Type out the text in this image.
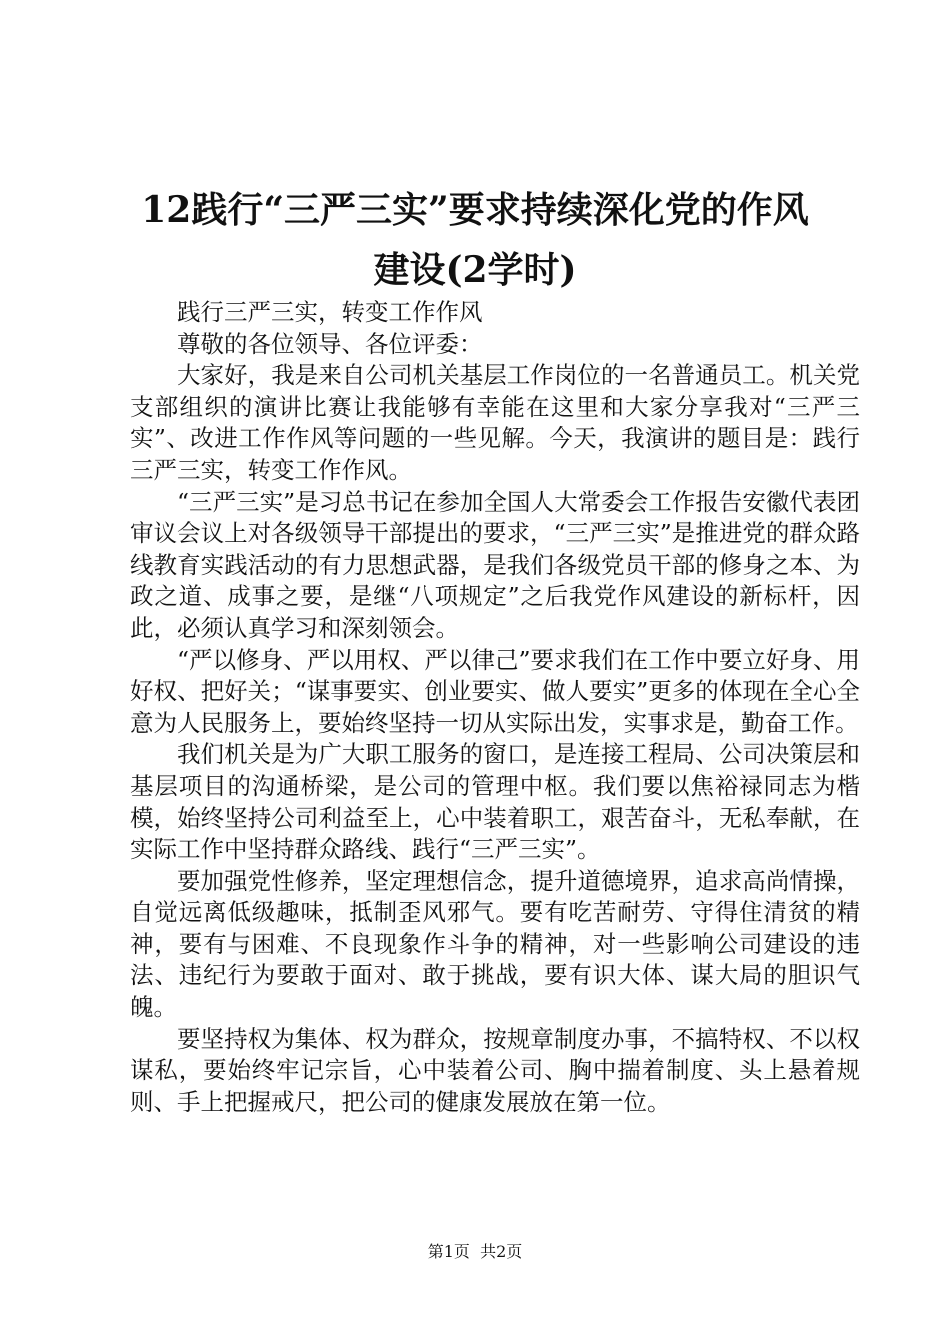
12践行“三严三实”要求持续深化党的作风
建设(2学时)

践行三严三实，转变工作作风

尊敬的各位领导、各位评委：

大家好，我是来自公司机关基层工作岗位的一名普通员工。机关党支部组织的演讲比赛让我能够有幸能在这里和大家分享我对“三严三实”、改进工作作风等问题的一些见解。今天，我演讲的题目是：践行三严三实，转变工作作风。

“三严三实”是习总书记在参加全国人大常委会工作报告安徽代表团审议会议上对各级领导干部提出的要求，“三严三实”是推进党的群众路线教育实践活动的有力思想武器，是我们各级党员干部的修身之本、为政之道、成事之要，是继“八项规定”之后我党作风建设的新标杆，因此，必须认真学习和深刻领会。

“严以修身、严以用权、严以律己”要求我们在工作中要立好身、用好权、把好关；“谋事要实、创业要实、做人要实”更多的体现在全心全意为人民服务上，要始终坚持一切从实际出发，实事求是，勤奋工作。

我们机关是为广大职工服务的窗口，是连接工程局、公司决策层和基层项目的沟通桥梁，是公司的管理中枢。我们要以焦裕禄同志为楷模，始终坚持公司利益至上，心中装着职工，艰苦奋斗，无私奉献，在实际工作中坚持群众路线、践行“三严三实”。

要加强党性修养，坚定理想信念，提升道德境界，追求高尚情操，自觉远离低级趣味，抵制歪风邪气。要有吃苦耐劳、守得住清贫的精神，要有与困难、不良现象作斗争的精神，对一些影响公司建设的违法、违纪行为要敢于面对、敢于挑战，要有识大体、谋大局的胆识气魄。

要坚持权为集体、权为群众，按规章制度办事，不搞特权、不以权谋私，要始终牢记宗旨，心中装着公司、胸中揣着制度、头上悬着规则、手上把握戒尺，把公司的健康发展放在第一位。

第1页  共2页
